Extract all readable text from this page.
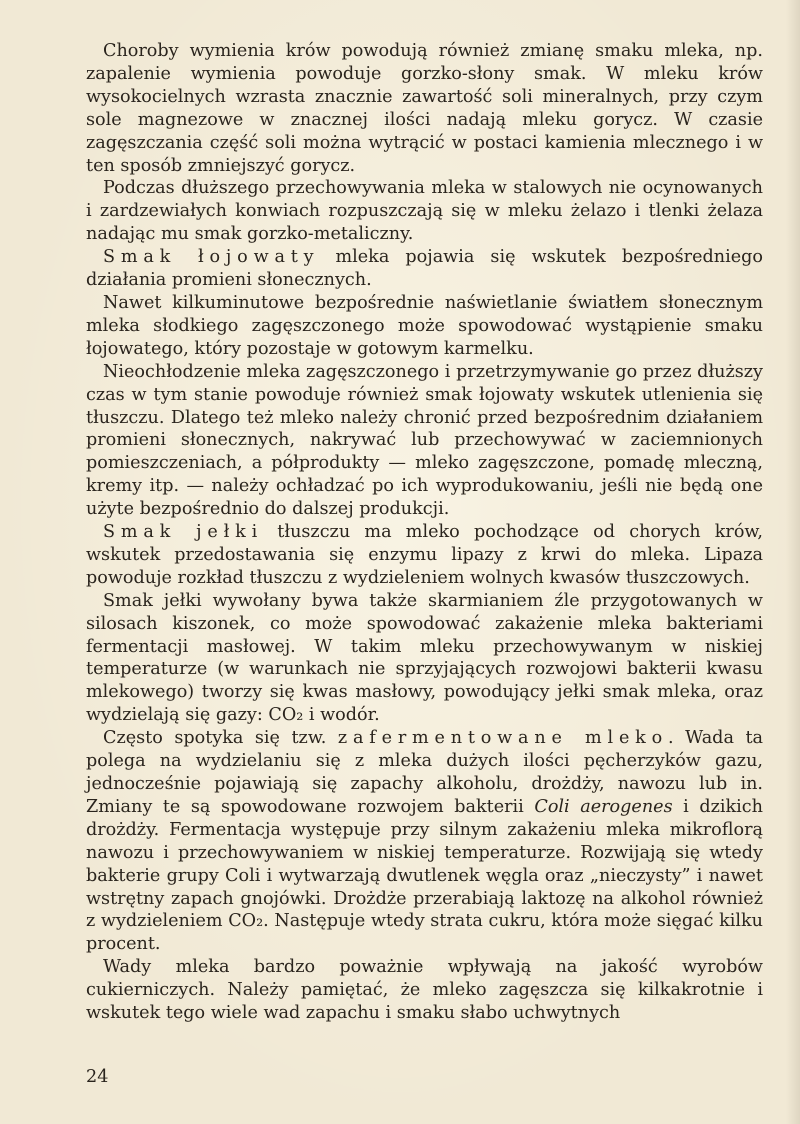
Choroby wymienia krów powodują również zmianę smaku mleka, np. zapalenie wymienia powoduje gorzko-słony smak. W mleku krów wysokocielnych wzrasta znacznie zawartość soli mineralnych, przy czym sole magnezowe w znacznej ilości nadają mleku gorycz. W czasie zagęszczania część soli można wytrącić w postaci kamienia mlecznego i w ten sposób zmniejszyć gorycz.

Podczas dłuższego przechowywania mleka w stalowych nie ocynowanych i zardzewiałych konwiach rozpuszczają się w mleku żelazo i tlenki żelaza nadając mu smak gorzko-metaliczny.

Smak łojowaty mleka pojawia się wskutek bezpośredniego działania promieni słonecznych.

Nawet kilkuminutowe bezpośrednie naświetlanie światłem słonecznym mleka słodkiego zagęszczonego może spowodować wystąpienie smaku łojowatego, który pozostaje w gotowym karmelku.

Nieochłodzenie mleka zagęszczonego i przetrzymywanie go przez dłuższy czas w tym stanie powoduje również smak łojowaty wskutek utlenienia się tłuszczu. Dlatego też mleko należy chronić przed bezpośrednim działaniem promieni słonecznych, nakrywać lub przechowywać w zaciemnionych pomieszczeniach, a półprodukty — mleko zagęszczone, pomadę mleczną, kremy itp. — należy ochładzać po ich wyprodukowaniu, jeśli nie będą one użyte bezpośrednio do dalszej produkcji.

Smak jełki tłuszczu ma mleko pochodzące od chorych krów, wskutek przedostawania się enzymu lipazy z krwi do mleka. Lipaza powoduje rozkład tłuszczu z wydzieleniem wolnych kwasów tłuszczowych.

Smak jełki wywołany bywa także skarmianiem źle przygotowanych w silosach kiszonek, co może spowodować zakażenie mleka bakteriami fermentacji masłowej. W takim mleku przechowywanym w niskiej temperaturze (w warunkach nie sprzyjających rozwojowi bakterii kwasu mlekowego) tworzy się kwas masłowy, powodujący jełki smak mleka, oraz wydzielają się gazy: CO₂ i wodór.

Często spotyka się tzw. zafermentowane mleko. Wada ta polega na wydzielaniu się z mleka dużych ilości pęcherzyków gazu, jednocześnie pojawiają się zapachy alkoholu, drożdży, nawozu lub in. Zmiany te są spowodowane rozwojem bakterii Coli aerogenes i dzikich drożdży. Fermentacja występuje przy silnym zakażeniu mleka mikroflorą nawozu i przechowywaniem w niskiej temperaturze. Rozwijają się wtedy bakterie grupy Coli i wytwarzają dwutlenek węgla oraz „nieczysty” i nawet wstrętny zapach gnojówki. Drożdże przerabiają laktozę na alkohol również z wydzieleniem CO₂. Następuje wtedy strata cukru, która może sięgać kilku procent.

Wady mleka bardzo poważnie wpływają na jakość wyrobów cukierniczych. Należy pamiętać, że mleko zagęszcza się kilkakrotnie i wskutek tego wiele wad zapachu i smaku słabo uchwytnych

24
